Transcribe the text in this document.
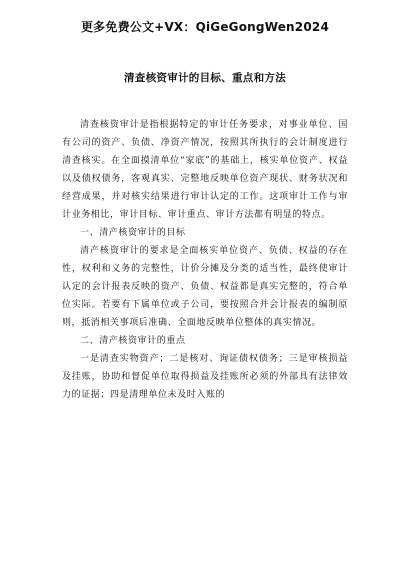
更多免费公文+VX：QiGeGongWen2024
清查核资审计的目标、重点和方法

清查核资审计是指根据特定的审计任务要求，对事业单位、国有公司的资产、负债、净资产情况，按照其所执行的会计制度进行清查核实。在全面摸清单位“家底”的基础上，核实单位资产、权益以及债权债务，客观真实、完整地反映单位资产现状、财务状况和经营成果，并对核实结果进行审计认定的工作。这项审计工作与审计业务相比，审计目标、审计重点、审计方法都有明显的特点。

一、清产核资审计的目标

清产核资审计的要求是全面核实单位资产、负债、权益的存在性，权利和义务的完整性，计价分摊及分类的适当性，最终使审计认定的会计报表反映的资产、负债、权益都是真实完整的，符合单位实际。若要有下属单位或子公司，要按照合并会计报表的编制原则，抵消相关事项后准确、全面地反映单位整体的真实情况。

二、清产核资审计的重点

一是清查实物资产；二是核对、询证债权债务；三是审核损益及挂账，协助和督促单位取得损益及挂账所必须的外部具有法律效力的证据；四是清理单位未及时入账的
